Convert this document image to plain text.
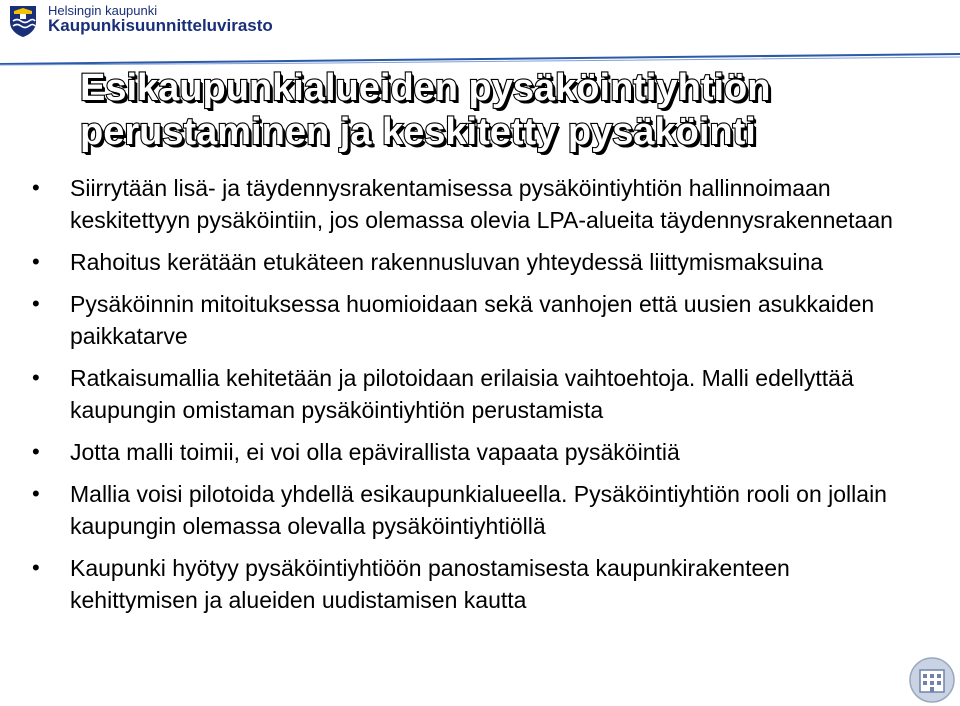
Helsingin kaupunki
Kaupunkisuunnitteluvirasto
Esikaupunkialueiden pysäköintiyhtiön
perustaminen ja keskitetty pysäköinti
• Siirrytään lisä- ja täydennysrakentamisessa pysäköintiyhtiön hallinnoimaan keskitettyyn pysäköintiin, jos olemassa olevia LPA-alueita täydennysrakennetaan
• Rahoitus kerätään etukäteen rakennusluvan yhteydessä liittymismaksuina
• Pysäköinnin mitoituksessa huomioidaan sekä vanhojen että uusien asukkaiden paikkatarve
• Ratkaisumallia kehitetään ja pilotoidaan erilaisia vaihtoehtoja. Malli edellyttää kaupungin omistaman pysäköintiyhtiön perustamista
• Jotta malli toimii, ei voi olla epävirallista vapaata pysäköintiä
• Mallia voisi pilotoida yhdellä esikaupunkialueella. Pysäköintiyhtiön rooli on jollain kaupungin olemassa olevalla pysäköintiyhtiöllä
• Kaupunki hyötyy pysäköintiyhtiöön panostamisesta kaupunkirakenteen kehittymisen ja alueiden uudistamisen kautta
